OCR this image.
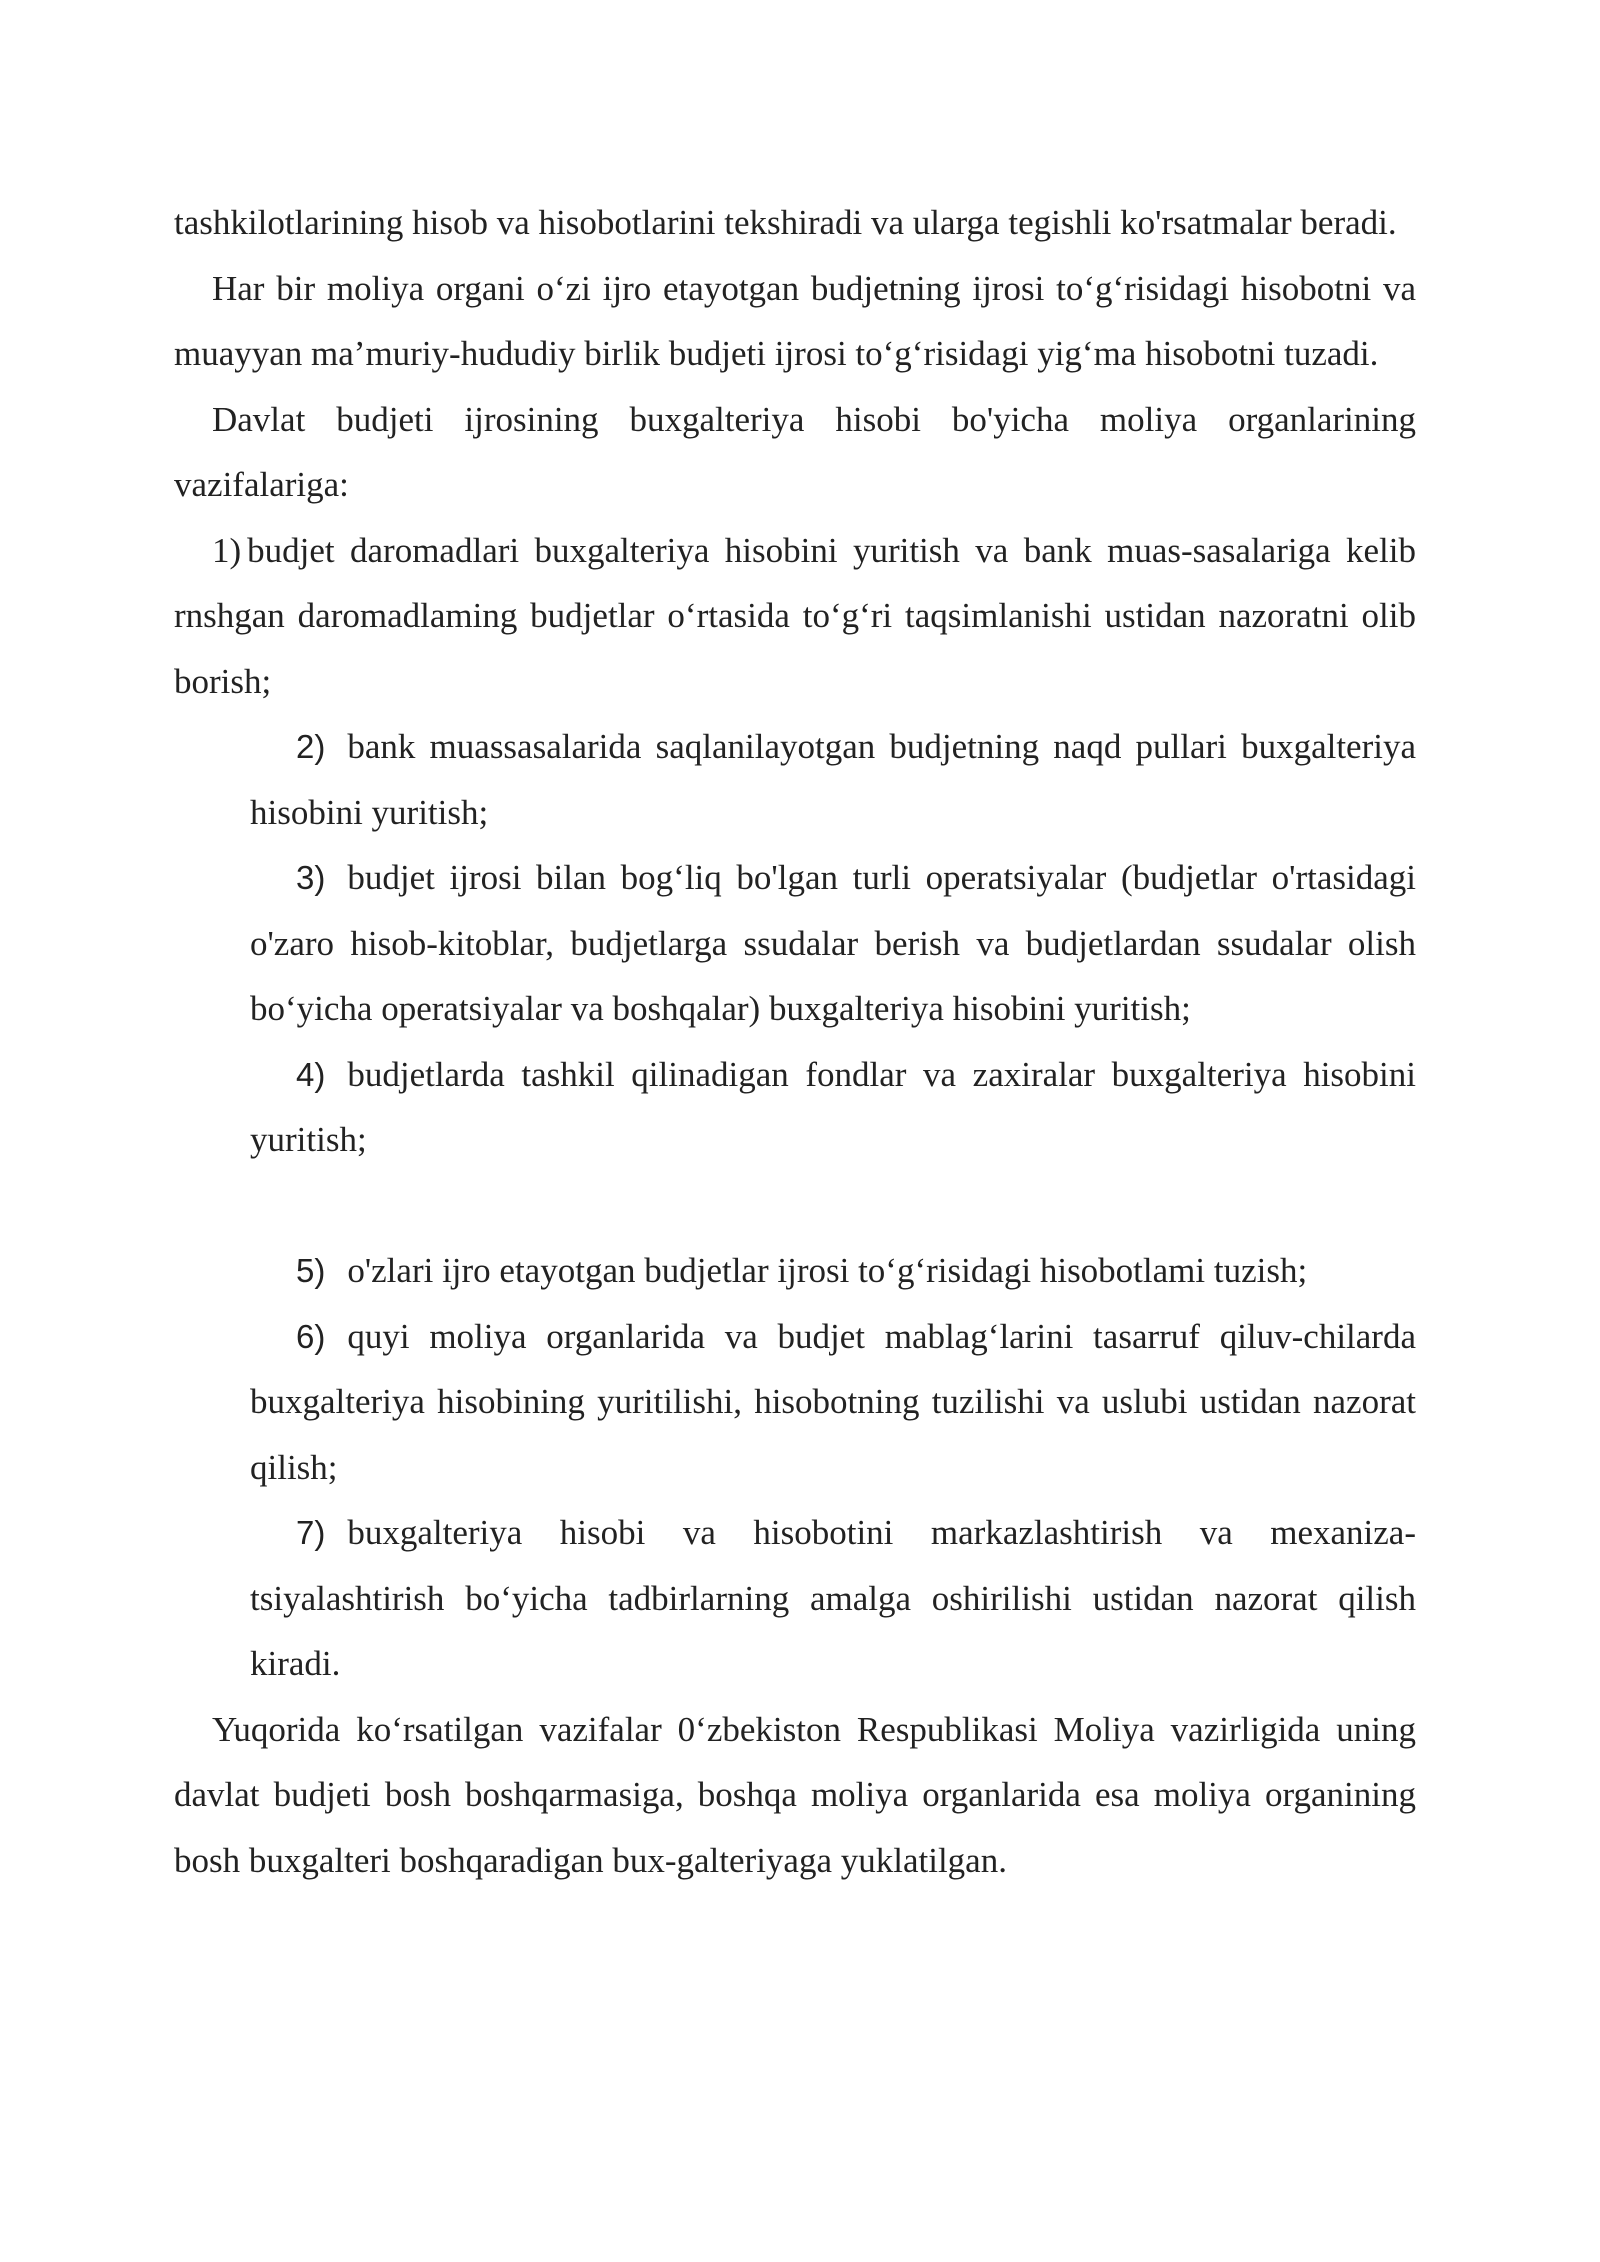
tashkilotlarining hisob va hisobotlarini tekshiradi va ularga tegishli ko'rsatmalar beradi.

Har bir moliya organi o‘zi ijro etayotgan budjetning ijrosi to‘g‘risidagi hisobotni va muayyan ma’muriy-hududiy birlik budjeti ijrosi to‘g‘risidagi yig‘ma hisobotni tuzadi.

Davlat budjeti ijrosining buxgalteriya hisobi bo'yicha moliya organlarining vazifalariga:

1) budjet daromadlari buxgalteriya hisobini yuritish va bank muas-sasalariga kelib rnshgan daromadlaming budjetlar o‘rtasida to‘g‘ri taqsimlanishi ustidan nazoratni olib borish;

2) bank muassasalarida saqlanilayotgan budjetning naqd pullari buxgalteriya hisobini yuritish;

3) budjet ijrosi bilan bog‘liq bo'lgan turli operatsiyalar (budjetlar o'rtasidagi o'zaro hisob-kitoblar, budjetlarga ssudalar berish va budjetlardan ssudalar olish bo‘yicha operatsiyalar va boshqalar) buxgalteriya hisobini yuritish;

4) budjetlarda tashkil qilinadigan fondlar va zaxiralar buxgalteriya hisobini yuritish;

5) o'zlari ijro etayotgan budjetlar ijrosi to‘g‘risidagi hisobotlami tuzish;

6) quyi moliya organlarida va budjet mablag‘larini tasarruf qiluv-chilarda buxgalteriya hisobining yuritilishi, hisobotning tuzilishi va uslubi ustidan nazorat qilish;

7) buxgalteriya hisobi va hisobotini markazlashtirish va mexaniza-tsiyalashtirish bo‘yicha tadbirlarning amalga oshirilishi ustidan nazorat qilish kiradi.

Yuqorida ko‘rsatilgan vazifalar 0‘zbekiston Respublikasi Moliya vazirligida uning davlat budjeti bosh boshqarmasiga, boshqa moliya organlarida esa moliya organining bosh buxgalteri boshqaradigan bux-galteriyaga yuklatilgan.
